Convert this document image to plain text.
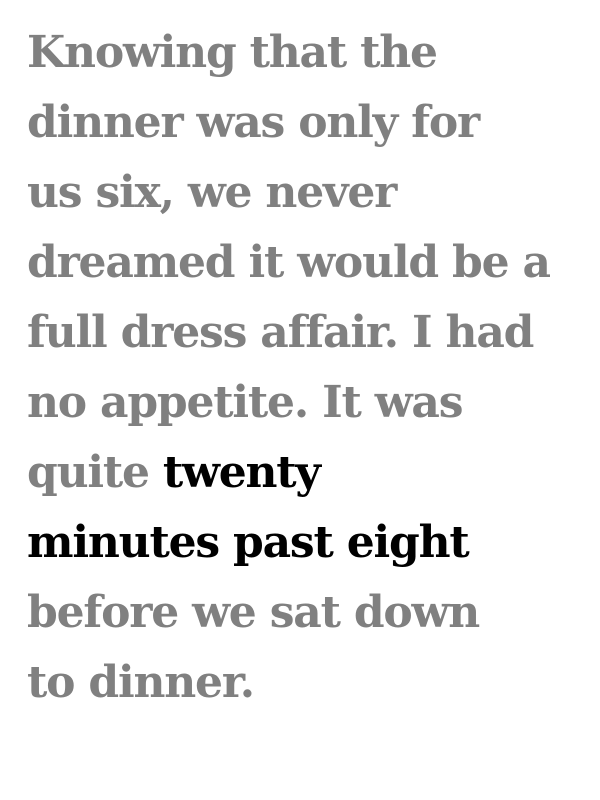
Knowing that the
dinner was only for
us six, we never
dreamed it would be a
full dress affair. I had
no appetite. It was
quite twenty
minutes past eight
before we sat down
to dinner.
